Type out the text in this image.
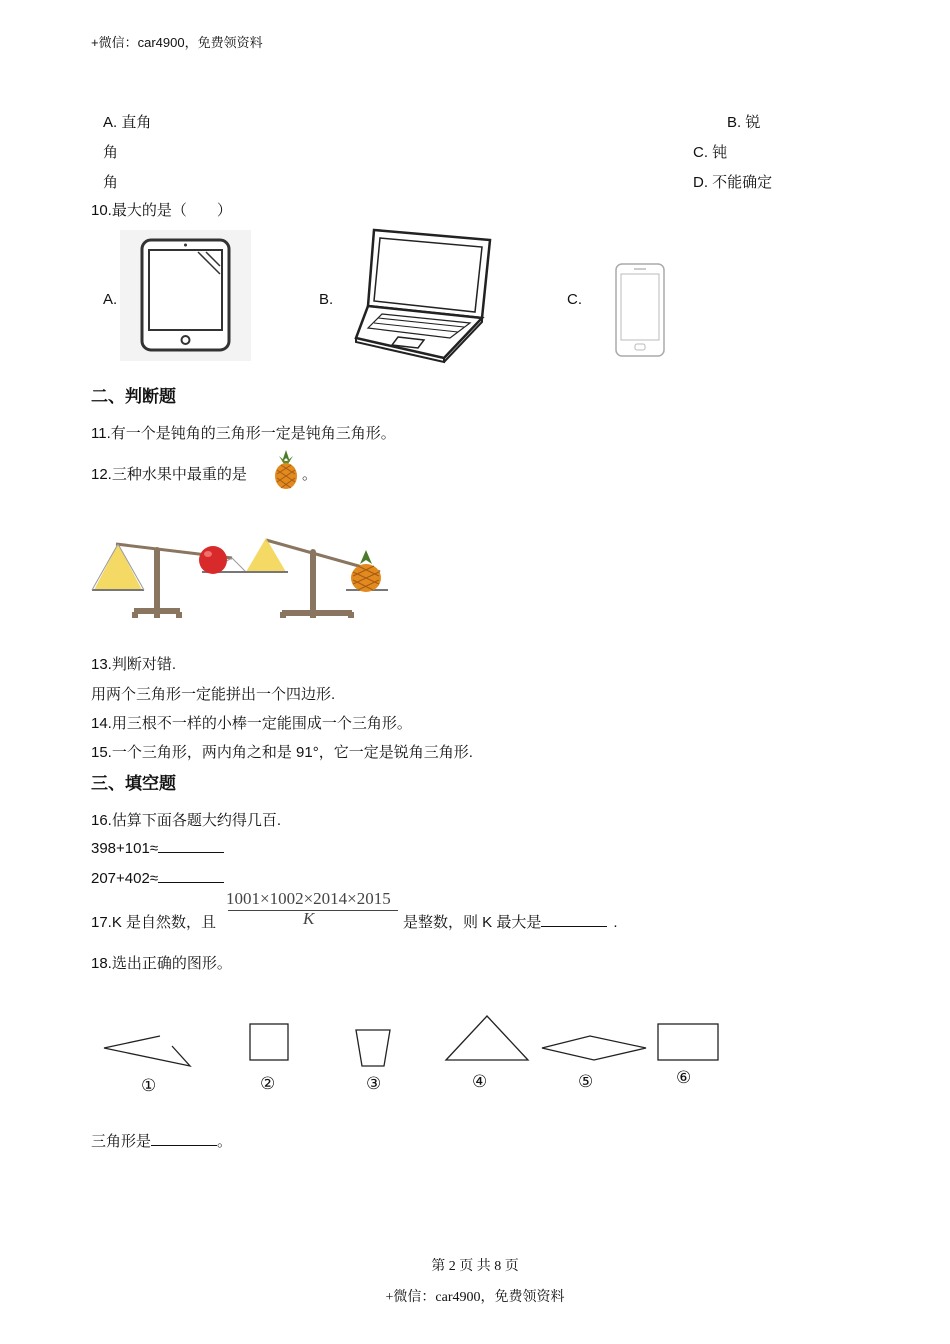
+微信：car4900，免费领资料
A. 直角	B. 锐
角	C. 钝
角	D. 不能确定
10.最大的是（　　）
A.	B.	C.
二、判断题
11.有一个是钝角的三角形一定是钝角三角形。
12.三种水果中最重的是	。
13.判断对错.
用两个三角形一定能拼出一个四边形.
14.用三根不一样的小棒一定能围成一个三角形。
15.一个三角形，两内角之和是 91°，它一定是锐角三角形.
三、填空题
16.估算下面各题大约得几百.
398+101≈
207+402≈
17.K 是自然数，且
1001×1002×2014×2015
K	是整数，则 K 最大是	.
18.选出正确的图形。
①	②	③	④	⑤	⑥
三角形是	。
第 2 页 共 8 页
+微信：car4900，免费领资料
